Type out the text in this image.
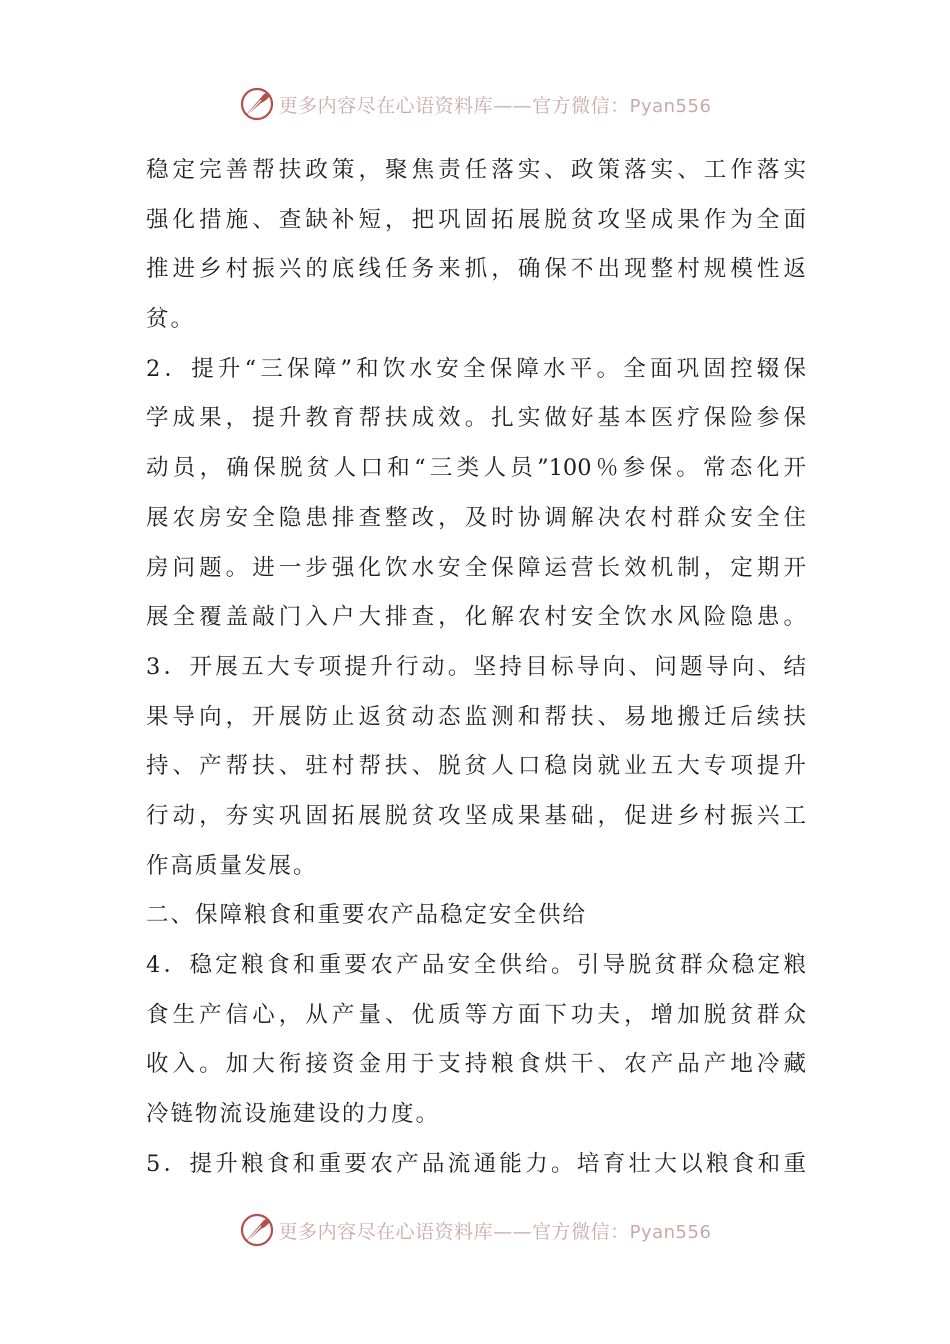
更多内容尽在心语资料库——官方微信：Pyan556
稳定完善帮扶政策，聚焦责任落实、政策落实、工作落实
强化措施、查缺补短，把巩固拓展脱贫攻坚成果作为全面
推进乡村振兴的底线任务来抓，确保不出现整村规模性返
贫。
2．提升“三保障”和饮水安全保障水平。全面巩固控辍保
学成果，提升教育帮扶成效。扎实做好基本医疗保险参保
动员，确保脱贫人口和“三类人员”100％参保。常态化开
展农房安全隐患排查整改，及时协调解决农村群众安全住
房问题。进一步强化饮水安全保障运营长效机制，定期开
展全覆盖敲门入户大排查，化解农村安全饮水风险隐患。
3．开展五大专项提升行动。坚持目标导向、问题导向、结
果导向，开展防止返贫动态监测和帮扶、易地搬迁后续扶
持、产帮扶、驻村帮扶、脱贫人口稳岗就业五大专项提升
行动，夯实巩固拓展脱贫攻坚成果基础，促进乡村振兴工
作高质量发展。
二、保障粮食和重要农产品稳定安全供给
4．稳定粮食和重要农产品安全供给。引导脱贫群众稳定粮
食生产信心，从产量、优质等方面下功夫，增加脱贫群众
收入。加大衔接资金用于支持粮食烘干、农产品产地冷藏
冷链物流设施建设的力度。
5．提升粮食和重要农产品流通能力。培育壮大以粮食和重
更多内容尽在心语资料库——官方微信：Pyan556
